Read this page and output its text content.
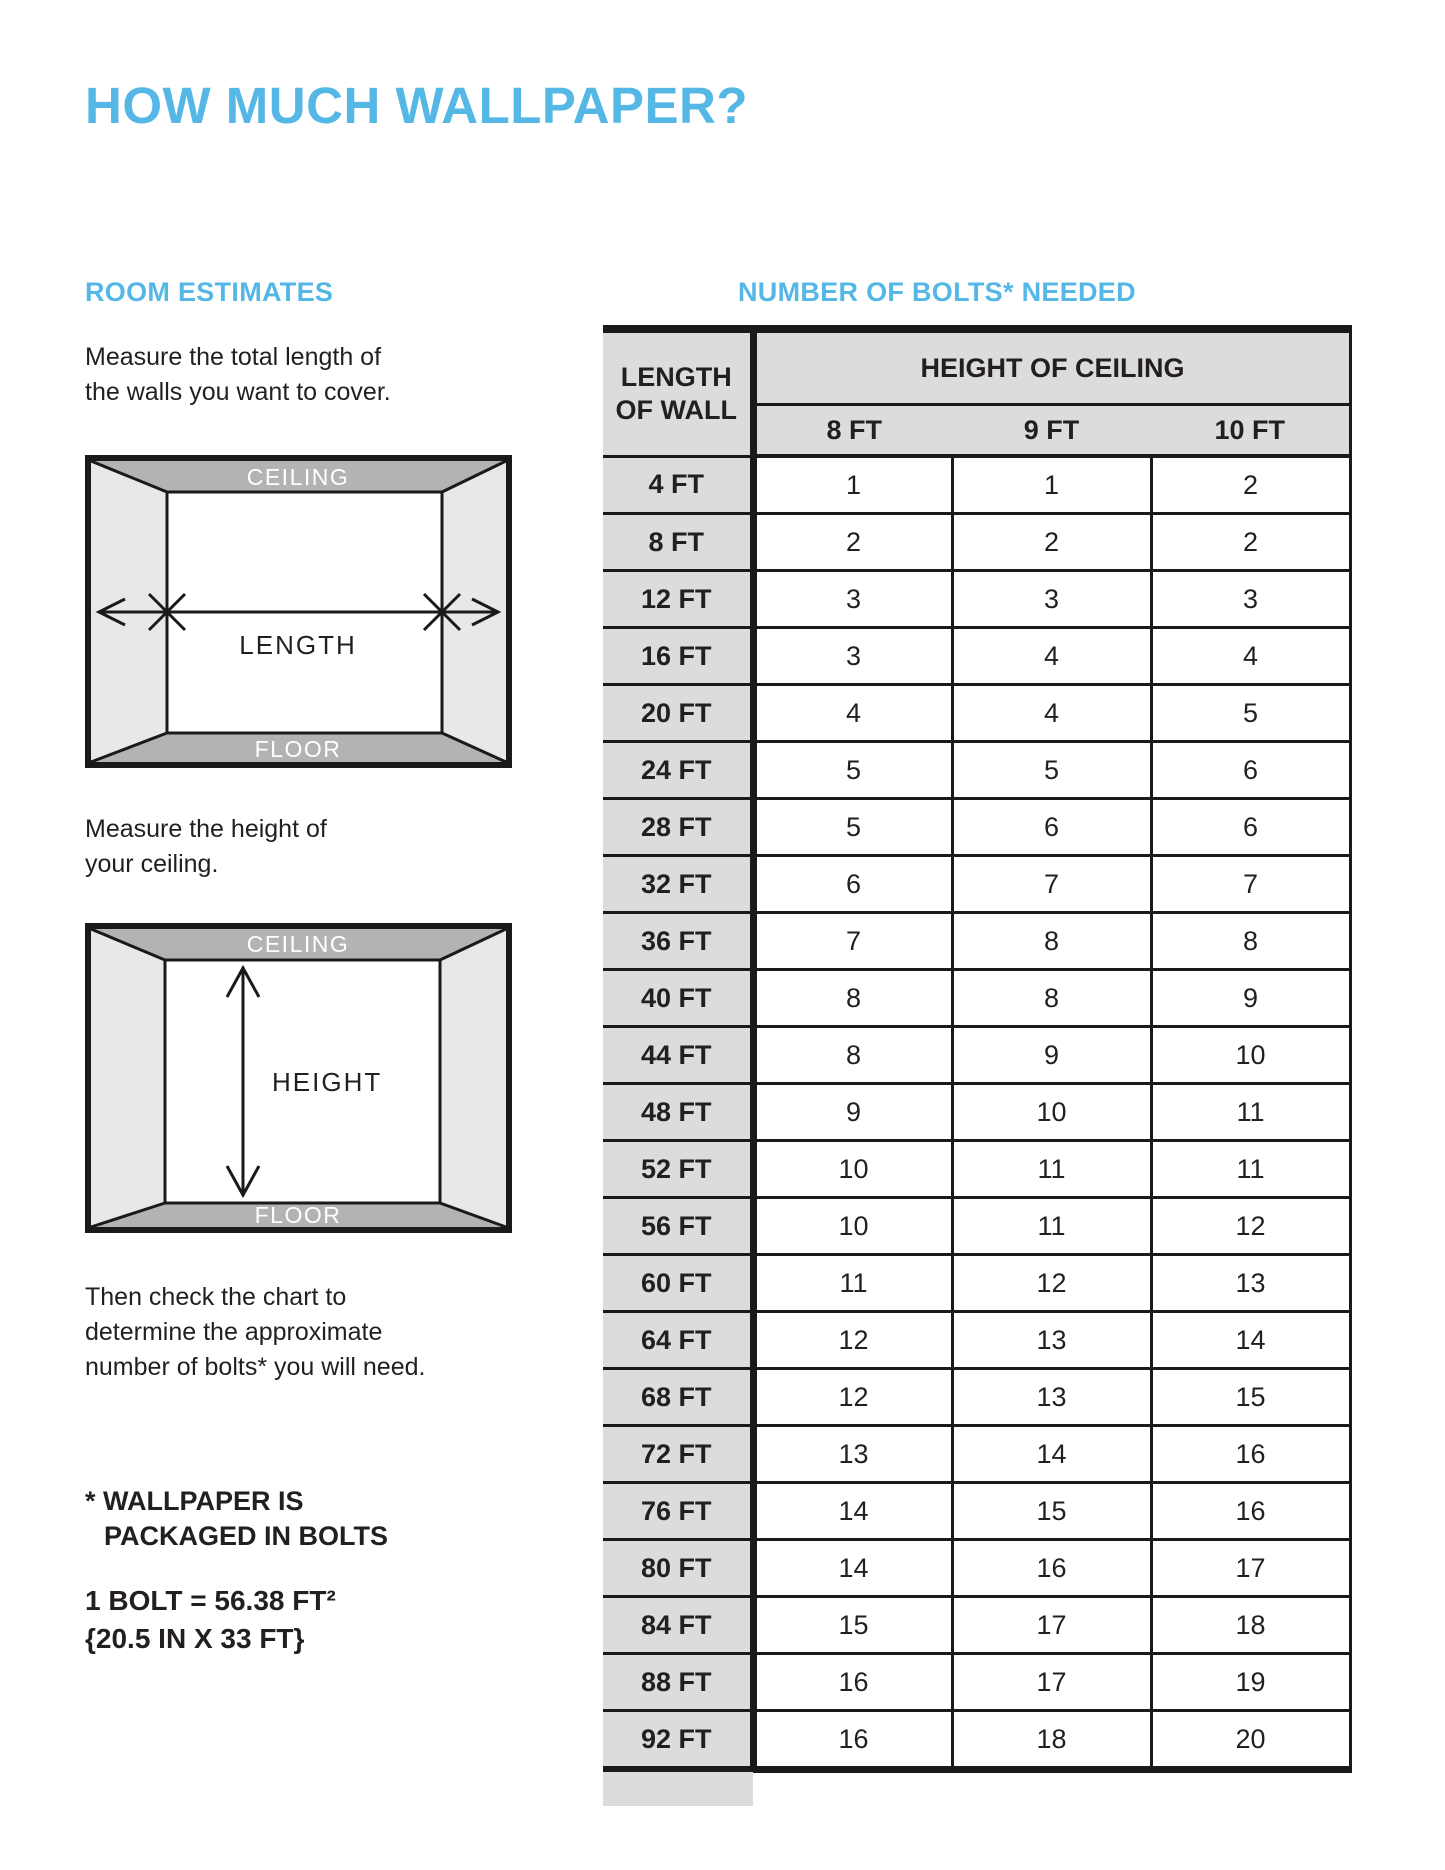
HOW MUCH WALLPAPER?
ROOM ESTIMATES	NUMBER OF BOLTS* NEEDED

Measure the total length of
the walls you want to cover.

CEILING
FLOOR
LENGTH

Measure the height of
your ceiling.

CEILING
FLOOR
HEIGHT

Then check the chart to
determine the approximate
number of bolts* you will need.

* WALLPAPER IS
PACKAGED IN BOLTS

1 BOLT = 56.38 FT²
{20.5 IN X 33 FT}

LENGTH
OF WALL	HEIGHT OF CEILING		
	8 FT	9 FT	10 FT
4 FT	1	1	2
8 FT	2	2	2
12 FT	3	3	3
16 FT	3	4	4
20 FT	4	4	5
24 FT	5	5	6
28 FT	5	6	6
32 FT	6	7	7
36 FT	7	8	8
40 FT	8	8	9
44 FT	8	9	10
48 FT	9	10	11
52 FT	10	11	11
56 FT	10	11	12
60 FT	11	12	13
64 FT	12	13	14
68 FT	12	13	15
72 FT	13	14	16
76 FT	14	15	16
80 FT	14	16	17
84 FT	15	17	18
88 FT	16	17	19
92 FT	16	18	20
